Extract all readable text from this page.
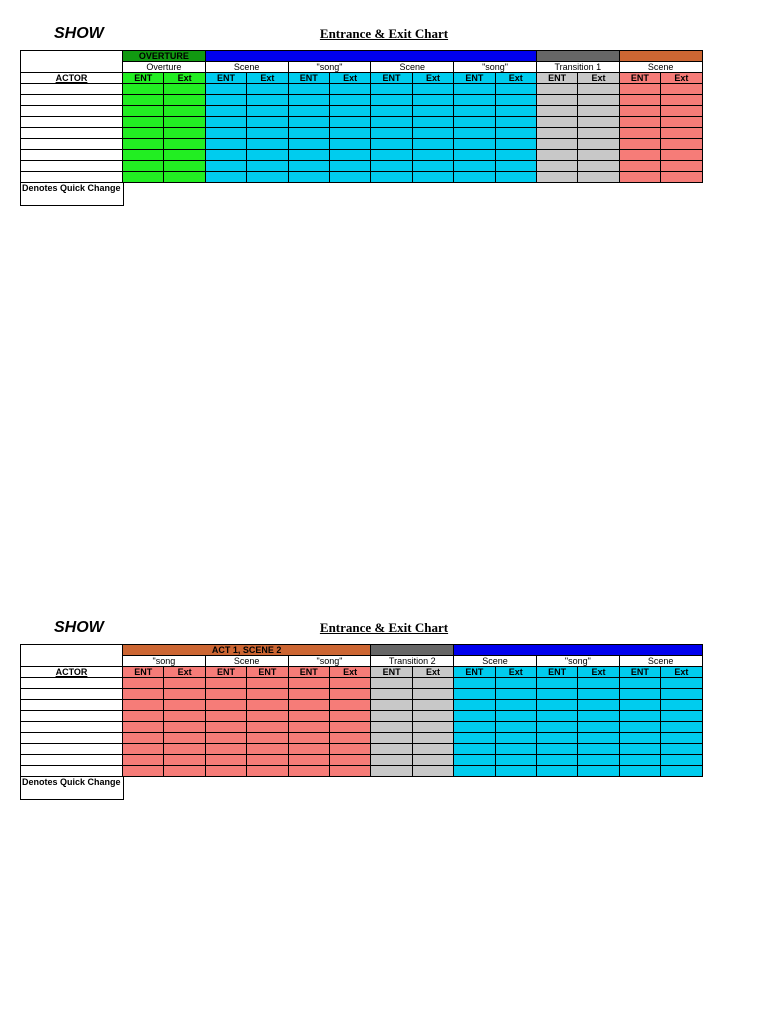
SHOW	Entrance & Exit Chart
	OVERTURE		ACT 1, SCENE 1											
	Overture		Scene		"song"		Scene		"song"		Transition 1		Scene	
ACTOR	ENT	Ext	ENT	Ext	ENT	Ext	ENT	Ext	ENT	Ext	ENT	Ext	ENT	Ext

Denotes Quick Change
SHOW	Entrance & Exit Chart
	ACT 1, SCENE 2								ACT 1, SCENE 3					
	"song		Scene		"song"		Transition 2		Scene		"song"		Scene	
ACTOR	ENT	Ext	ENT	ENT	ENT	Ext	ENT	Ext	ENT	Ext	ENT	Ext	ENT	Ext

Denotes Quick Change
